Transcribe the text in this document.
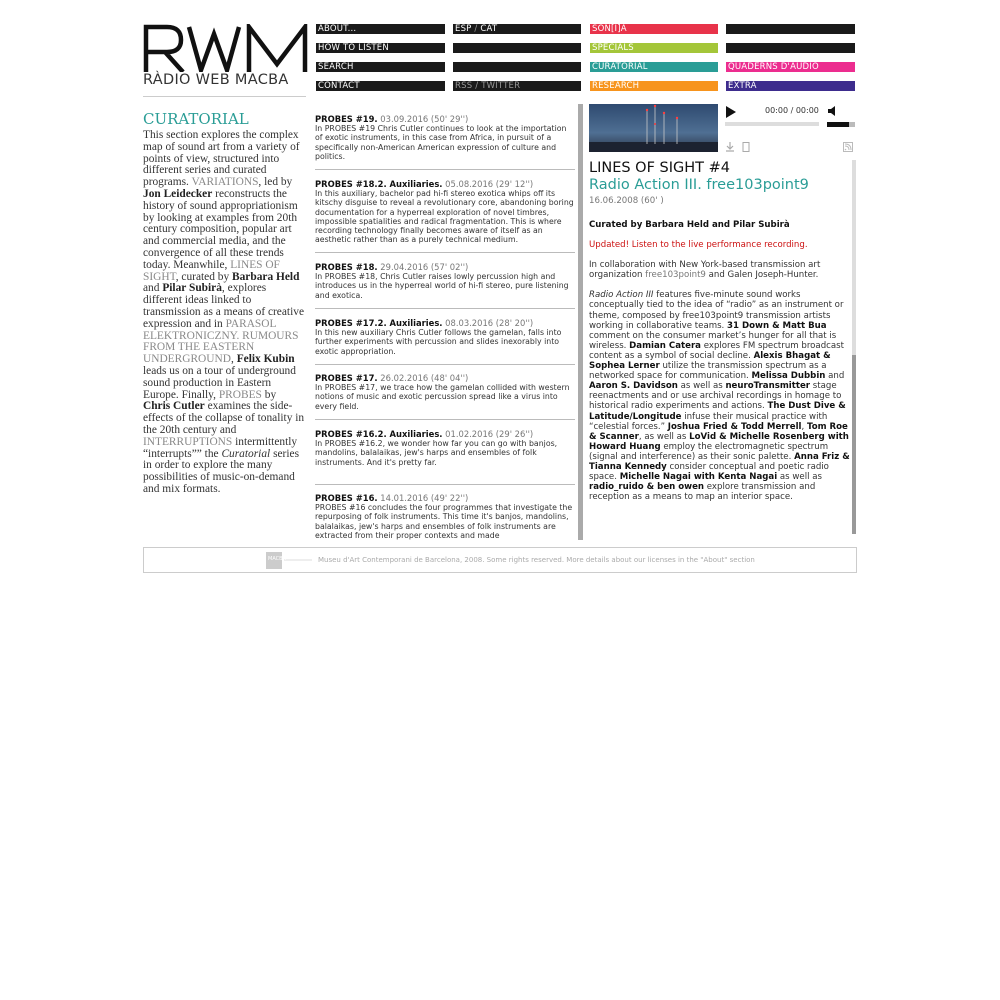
RÀDIO WEB MACBA
ABOUT...
HOW TO LISTEN
SEARCH
CONTACT
ESP / CAT
RSS / TWITTER
SON[I]A
SPECIALS
CURATORIAL
RESEARCH
QUADERNS D'ÀUDIO
EXTRA
CURATORIAL
This section explores the complex map of sound art from a variety of points of view, structured into different series and curated programs. VARIATIONS, led by Jon Leidecker reconstructs the history of sound appropriationism by looking at examples from 20th century composition, popular art and commercial media, and the convergence of all these trends today. Meanwhile, LINES OF SIGHT, curated by Barbara Held and Pilar Subirà, explores different ideas linked to transmission as a means of creative expression and in PARASOL ELEKTRONICZNY. RUMOURS FROM THE EASTERN UNDERGROUND, Felix Kubin leads us on a tour of underground sound production in Eastern Europe. Finally, PROBES by Chris Cutler examines the side-effects of the collapse of tonality in the 20th century and INTERRUPTIONS intermittently “interrupts”” the Curatorial series in order to explore the many possibilities of music-on-demand and mix formats.
PROBES #19. 03.09.2016 (50' 29'')
In PROBES #19 Chris Cutler continues to look at the importation of exotic instruments, in this case from Africa, in pursuit of a specifically non-American American expression of culture and politics.
PROBES #18.2. Auxiliaries. 05.08.2016 (29' 12'')
In this auxiliary, bachelor pad hi-fi stereo exotica whips off its kitschy disguise to reveal a revolutionary core, abandoning boring documentation for a hyperreal exploration of novel timbres, impossible spatialities and radical fragmentation. This is where recording technology finally becomes aware of itself as an aesthetic rather than as a purely technical medium.
PROBES #18. 29.04.2016 (57' 02'')
In PROBES #18, Chris Cutler raises lowly percussion high and introduces us in the hyperreal world of hi-fi stereo, pure listening and exotica.
PROBES #17.2. Auxiliaries. 08.03.2016 (28' 20'')
In this new auxiliary Chris Cutler follows the gamelan, falls into further experiments with percussion and slides inexorably into exotic appropriation.
PROBES #17. 26.02.2016 (48' 04'')
In PROBES #17, we trace how the gamelan collided with western notions of music and exotic percussion spread like a virus into every field.
PROBES #16.2. Auxiliaries. 01.02.2016 (29' 26'')
In PROBES #16.2, we wonder how far you can go with banjos, mandolins, balalaikas, jew's harps and ensembles of folk instruments. And it's pretty far.
PROBES #16. 14.01.2016 (49' 22'')
PROBES #16 concludes the four programmes that investigate the repurposing of folk instruments. This time it's banjos, mandolins, balalaikas, jew's harps and ensembles of folk instruments are extracted from their proper contexts and made
00:00 / 00:00
LINES OF SIGHT #4
Radio Action III. free103point9
16.06.2008 (60' )
Curated by Barbara Held and Pilar Subirà
Updated! Listen to the live performance recording.
In collaboration with New York-based transmission art organization free103point9 and Galen Joseph-Hunter.
Radio Action III features five-minute sound works conceptually tied to the idea of “radio” as an instrument or theme, composed by free103point9 transmission artists working in collaborative teams. 31 Down & Matt Bua comment on the consumer market’s hunger for all that is wireless. Damian Catera explores FM spectrum broadcast content as a symbol of social decline. Alexis Bhagat & Sophea Lerner utilize the transmission spectrum as a networked space for communication. Melissa Dubbin and Aaron S. Davidson as well as neuroTransmitter stage reenactments and or use archival recordings in homage to historical radio experiments and actions. The Dust Dive & Latitude/Longitude infuse their musical practice with “celestial forces.” Joshua Fried & Todd Merrell, Tom Roe & Scanner, as well as LoVid & Michelle Rosenberg with Howard Huang employ the electromagnetic spectrum (signal and interference) as their sonic palette. Anna Friz & Tianna Kennedy consider conceptual and poetic radio space. Michelle Nagai with Kenta Nagai as well as radio_ruido & ben owen explore transmission and reception as a means to map an interior space.
MACBA	Museu d'Art Contemporani de Barcelona, 2008. Some rights reserved. More details about our licenses in the "About" section
